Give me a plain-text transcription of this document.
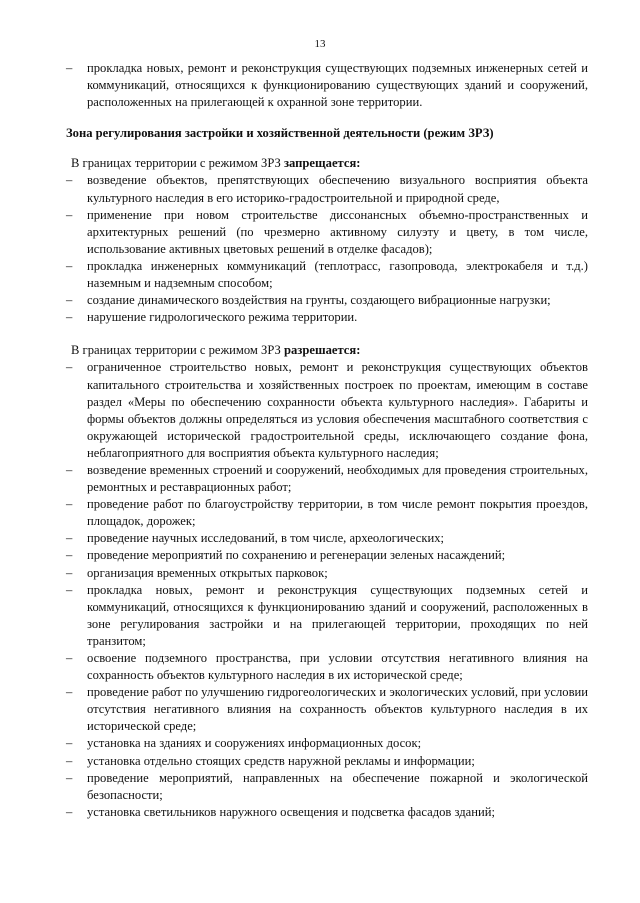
13
– прокладка новых, ремонт и реконструкция существующих подземных инженерных сетей и коммуникаций, относящихся к функционированию существующих зданий и сооружений, расположенных на прилегающей к охранной зоне территории.
Зона регулирования застройки и хозяйственной деятельности (режим ЗРЗ)

В границах территории с режимом ЗРЗ запрещается:

– возведение объектов, препятствующих обеспечению визуального восприятия объекта культурного наследия в его историко-градостроительной и природной среде,
– применение при новом строительстве диссонансных объемно-пространственных и архитектурных решений (по чрезмерно активному силуэту и цвету, в том числе, использование активных цветовых решений в отделке фасадов);
– прокладка инженерных коммуникаций (теплотрасс, газопровода, электрокабеля и т.д.) наземным и надземным способом;
– создание динамического воздействия на грунты, создающего вибрационные нагрузки;
– нарушение гидрологического режима территории.

В границах территории с режимом ЗРЗ разрешается:

– ограниченное строительство новых, ремонт и реконструкция существующих объектов капитального строительства и хозяйственных построек по проектам, имеющим в составе раздел «Меры по обеспечению сохранности объекта культурного наследия». Габариты и формы объектов должны определяться из условия обеспечения масштабного соответствия с окружающей исторической градостроительной среды, исключающего создание фона, неблагоприятного для восприятия объекта культурного наследия;
– возведение временных строений и сооружений, необходимых для проведения строительных, ремонтных и реставрационных работ;
– проведение работ по благоустройству территории, в том числе ремонт покрытия проездов, площадок, дорожек;
– проведение научных исследований, в том числе, археологических;
– проведение мероприятий по сохранению и регенерации зеленых насаждений;
– организация временных открытых парковок;
– прокладка новых, ремонт и реконструкция существующих подземных сетей и коммуникаций, относящихся к функционированию зданий и сооружений, расположенных в зоне регулирования застройки и на прилегающей территории, проходящих по ней транзитом;
– освоение подземного пространства, при условии отсутствия негативного влияния на сохранность объектов культурного наследия в их исторической среде;
– проведение работ по улучшению гидрогеологических и экологических условий, при условии отсутствия негативного влияния на сохранность объектов культурного наследия в их исторической среде;
– установка на зданиях и сооружениях информационных досок;
– установка отдельно стоящих средств наружной рекламы и информации;
– проведение мероприятий, направленных на обеспечение пожарной и экологической безопасности;
– установка светильников наружного освещения и подсветка фасадов зданий;
